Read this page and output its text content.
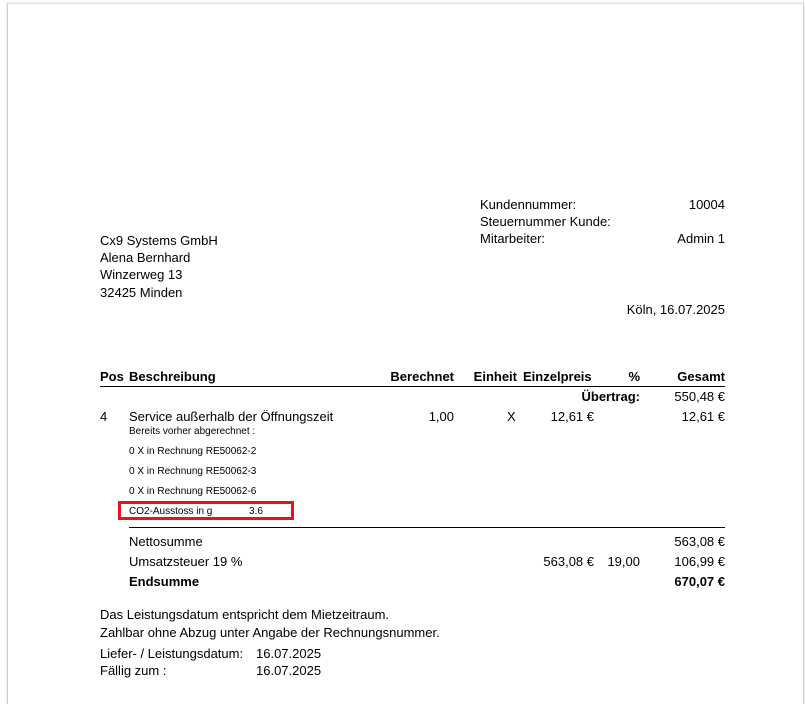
Kundennummer:	10004
Steuernummer Kunde:
Mitarbeiter:	Admin 1
Cx9 Systems GmbH
Alena Bernhard
Winzerweg 13
32425 Minden
Köln, 16.07.2025
Pos Beschreibung	Berechnet	Einheit Einzelpreis	%	Gesamt
Übertrag:	550,48 €
4 Service außerhalb der Öffnungszeit	1,00	X	12,61 €	12,61 €
Bereits vorher abgerechnet :
0 X in Rechnung RE50062-2
0 X in Rechnung RE50062-3
0 X in Rechnung RE50062-6
CO2-Ausstoss in g	3.6
Nettosumme	563,08 €
Umsatzsteuer 19 %	563,08 €	19,00	106,99 €
Endsumme	670,07 €
Das Leistungsdatum entspricht dem Mietzeitraum.
Zahlbar ohne Abzug unter Angabe der Rechnungsnummer.
Liefer- / Leistungsdatum: 16.07.2025
Fällig zum :	16.07.2025
